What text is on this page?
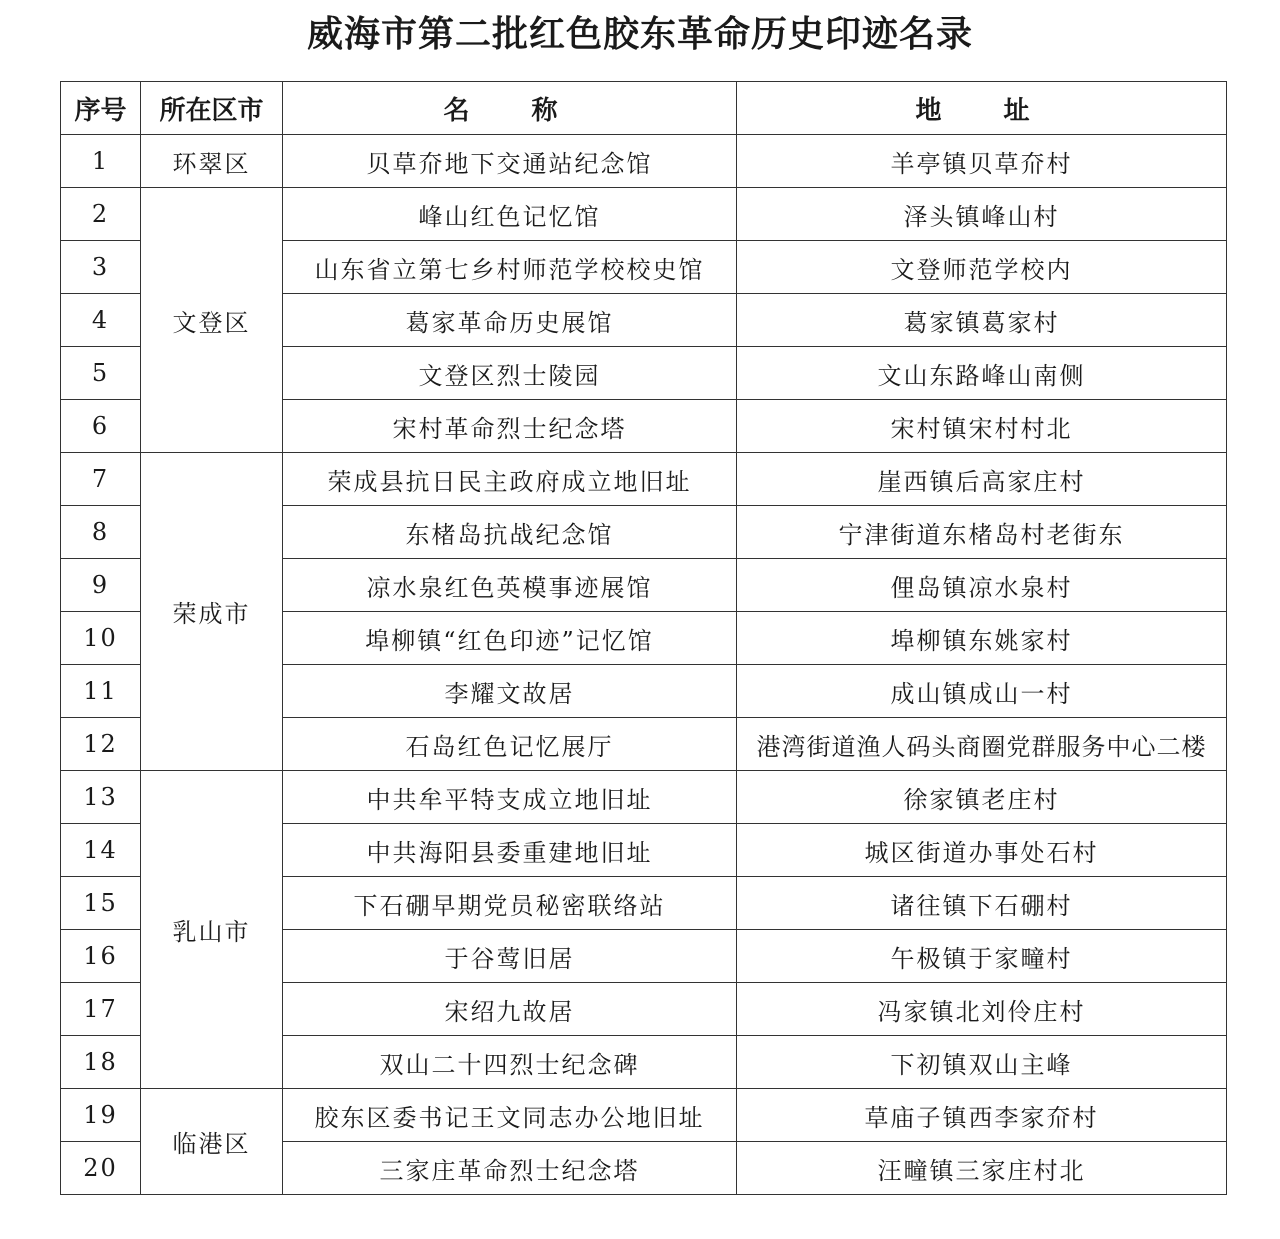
威海市第二批红色胶东革命历史印迹名录
序号	所在区市	名　称	地　址
1	环翠区	贝草夼地下交通站纪念馆	羊亭镇贝草夼村
2	文登区	峰山红色记忆馆	泽头镇峰山村
3		山东省立第七乡村师范学校校史馆	文登师范学校内
4		葛家革命历史展馆	葛家镇葛家村
5		文登区烈士陵园	文山东路峰山南侧
6		宋村革命烈士纪念塔	宋村镇宋村村北
7	荣成市	荣成县抗日民主政府成立地旧址	崖西镇后高家庄村
8		东楮岛抗战纪念馆	宁津街道东楮岛村老街东
9		凉水泉红色英模事迹展馆	俚岛镇凉水泉村
10		埠柳镇“红色印迹”记忆馆	埠柳镇东姚家村
11		李耀文故居	成山镇成山一村
12		石岛红色记忆展厅	港湾街道渔人码头商圈党群服务中心二楼
13	乳山市	中共牟平特支成立地旧址	徐家镇老庄村
14		中共海阳县委重建地旧址	城区街道办事处石村
15		下石硼早期党员秘密联络站	诸往镇下石硼村
16		于谷莺旧居	午极镇于家疃村
17		宋绍九故居	冯家镇北刘伶庄村
18		双山二十四烈士纪念碑	下初镇双山主峰
19	临港区	胶东区委书记王文同志办公地旧址	草庙子镇西李家夼村
20		三家庄革命烈士纪念塔	汪疃镇三家庄村北
